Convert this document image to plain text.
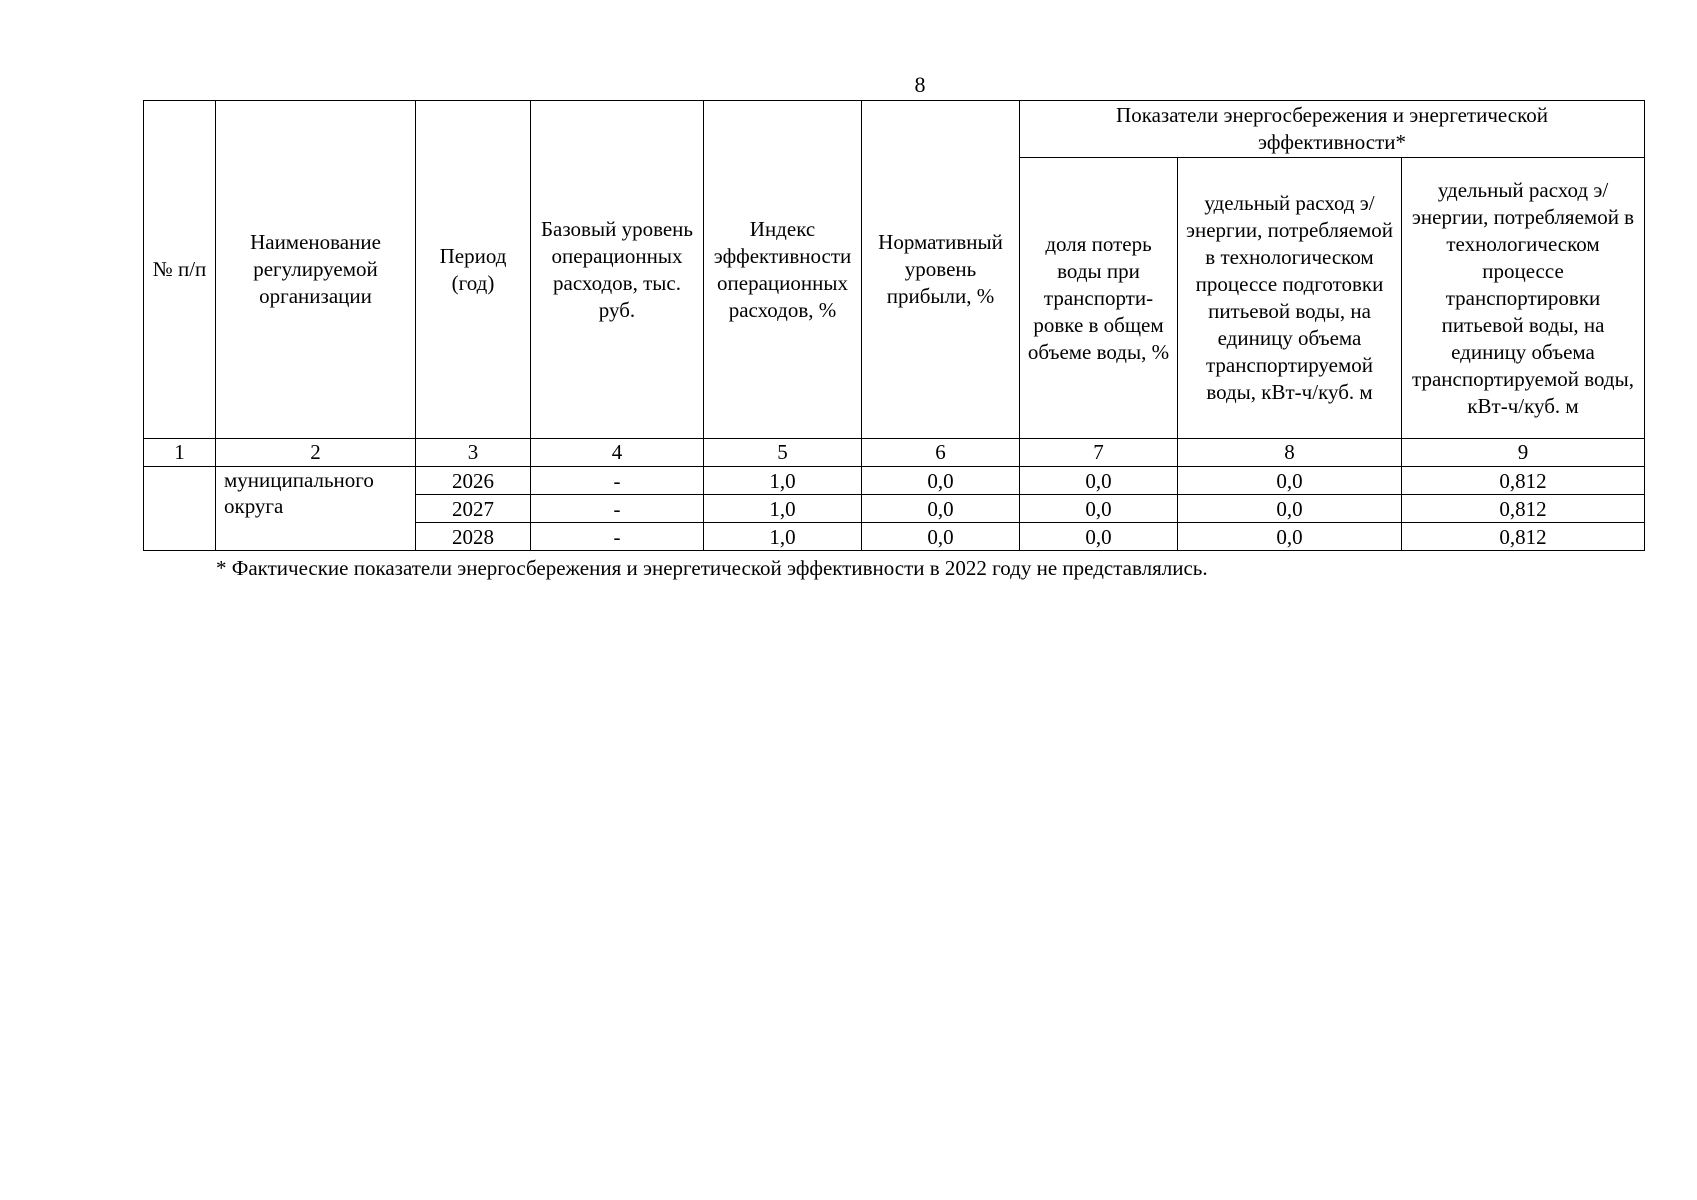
8
№ п/п	Наименование регулируемой организации	Период (год)	Базовый уровень операционных расходов, тыс. руб.	Индекс эффективности операционных расходов, %	Нормативный уровень прибыли, %	Показатели энергосбережения и энергетической эффективности*		
						доля потерь воды при транспорти-ровке в общем объеме воды, %	удельный расход э/энергии, потребляемой в технологическом процессе подготовки питьевой воды, на единицу объема транспортируемой воды, кВт-ч/куб. м	удельный расход э/энергии, потребляемой в технологическом процессе транспортировки питьевой воды, на единицу объема транспортируемой воды, кВт-ч/куб. м
1	2	3	4	5	6	7	8	9
	муниципального округа	2026	-	1,0	0,0	0,0	0,0	0,812
		2027	-	1,0	0,0	0,0	0,0	0,812
		2028	-	1,0	0,0	0,0	0,0	0,812
* Фактические показатели энергосбережения и энергетической эффективности в 2022 году не представлялись.
